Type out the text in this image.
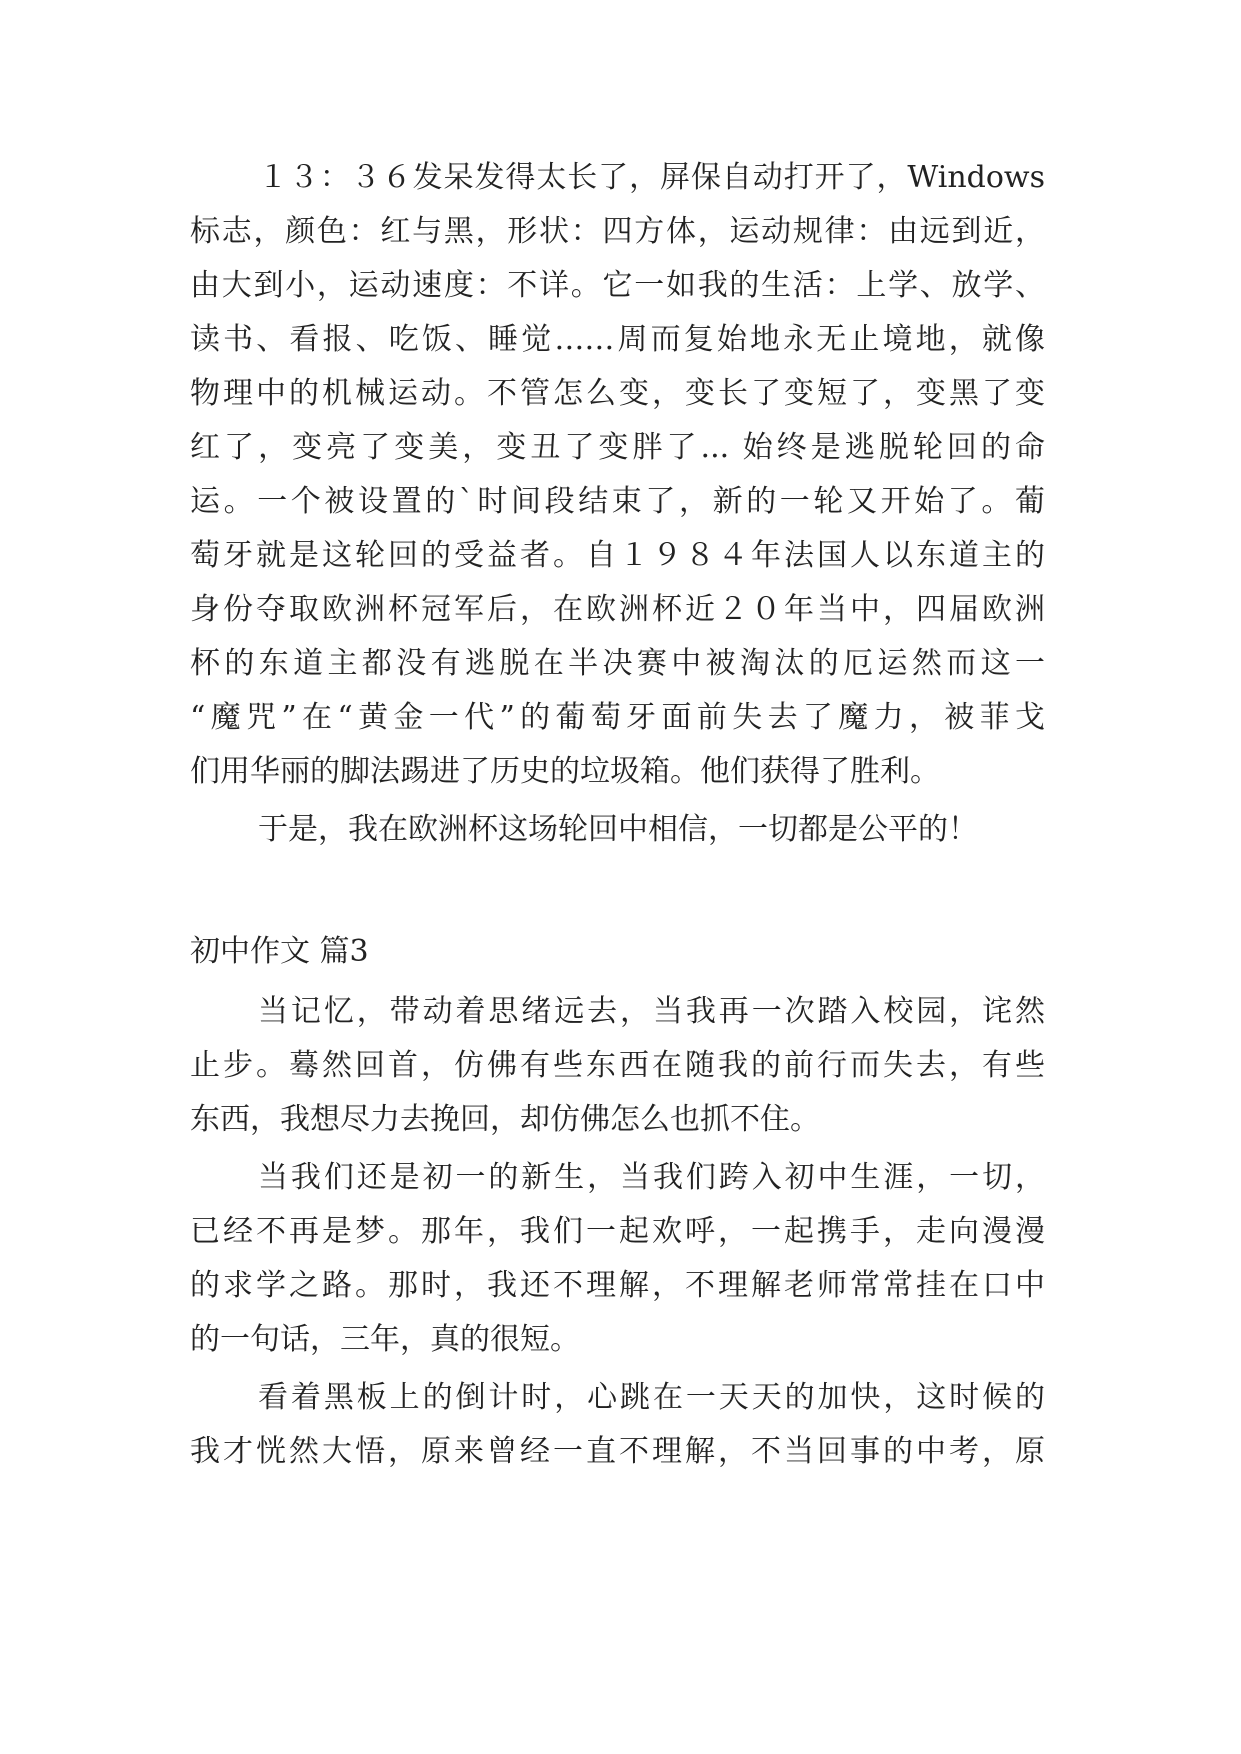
１３：３６发呆发得太长了，屏保自动打开了，Windows

标志，颜色：红与黑，形状：四方体，运动规律：由远到近，

由大到小，运动速度：不详。它一如我的生活：上学、放学、

读书、看报、吃饭、睡觉……周而复始地永无止境地，就像

物理中的机械运动。不管怎么变，变长了变短了，变黑了变

红了，变亮了变美，变丑了变胖了... 始终是逃脱轮回的命

运。一个被设置的`时间段结束了，新的一轮又开始了。葡

萄牙就是这轮回的受益者。自１９８４年法国人以东道主的

身份夺取欧洲杯冠军后，在欧洲杯近２０年当中，四届欧洲

杯的东道主都没有逃脱在半决赛中被淘汰的厄运然而这一

“魔咒”在“黄金一代”的葡萄牙面前失去了魔力，被菲戈

们用华丽的脚法踢进了历史的垃圾箱。他们获得了胜利。

于是，我在欧洲杯这场轮回中相信，一切都是公平的！

初中作文 篇3

当记忆，带动着思绪远去，当我再一次踏入校园，诧然

止步。蓦然回首，仿佛有些东西在随我的前行而失去，有些

东西，我想尽力去挽回，却仿佛怎么也抓不住。

当我们还是初一的新生，当我们跨入初中生涯，一切，

已经不再是梦。那年，我们一起欢呼，一起携手，走向漫漫

的求学之路。那时，我还不理解，不理解老师常常挂在口中

的一句话，三年，真的很短。

看着黑板上的倒计时，心跳在一天天的加快，这时候的

我才恍然大悟，原来曾经一直不理解，不当回事的中考，原
